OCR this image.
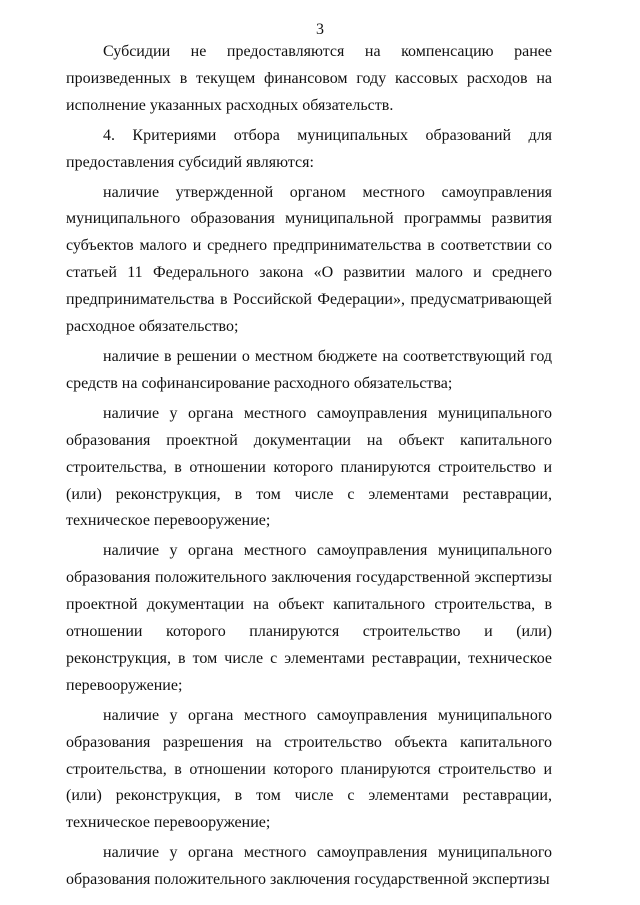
3

Субсидии не предоставляются на компенсацию ранее произведенных в текущем финансовом году кассовых расходов на исполнение указанных расходных обязательств.

4. Критериями отбора муниципальных образований для предоставления субсидий являются:

наличие утвержденной органом местного самоуправления муниципального образования муниципальной программы развития субъектов малого и среднего предпринимательства в соответствии со статьей 11 Федерального закона «О развитии малого и среднего предпринимательства в Российской Федерации», предусматривающей расходное обязательство;

наличие в решении о местном бюджете на соответствующий год средств на софинансирование расходного обязательства;

наличие у органа местного самоуправления муниципального образования проектной документации на объект капитального строительства, в отношении которого планируются строительство и (или) реконструкция, в том числе с элементами реставрации, техническое перевооружение;

наличие у органа местного самоуправления муниципального образования положительного заключения государственной экспертизы проектной документации на объект капитального строительства, в отношении которого планируются строительство и (или) реконструкция, в том числе с элементами реставрации, техническое перевооружение;

наличие у органа местного самоуправления муниципального образования разрешения на строительство объекта капитального строительства, в отношении которого планируются строительство и (или) реконструкция, в том числе с элементами реставрации, техническое перевооружение;

наличие у органа местного самоуправления муниципального образования положительного заключения государственной экспертизы
